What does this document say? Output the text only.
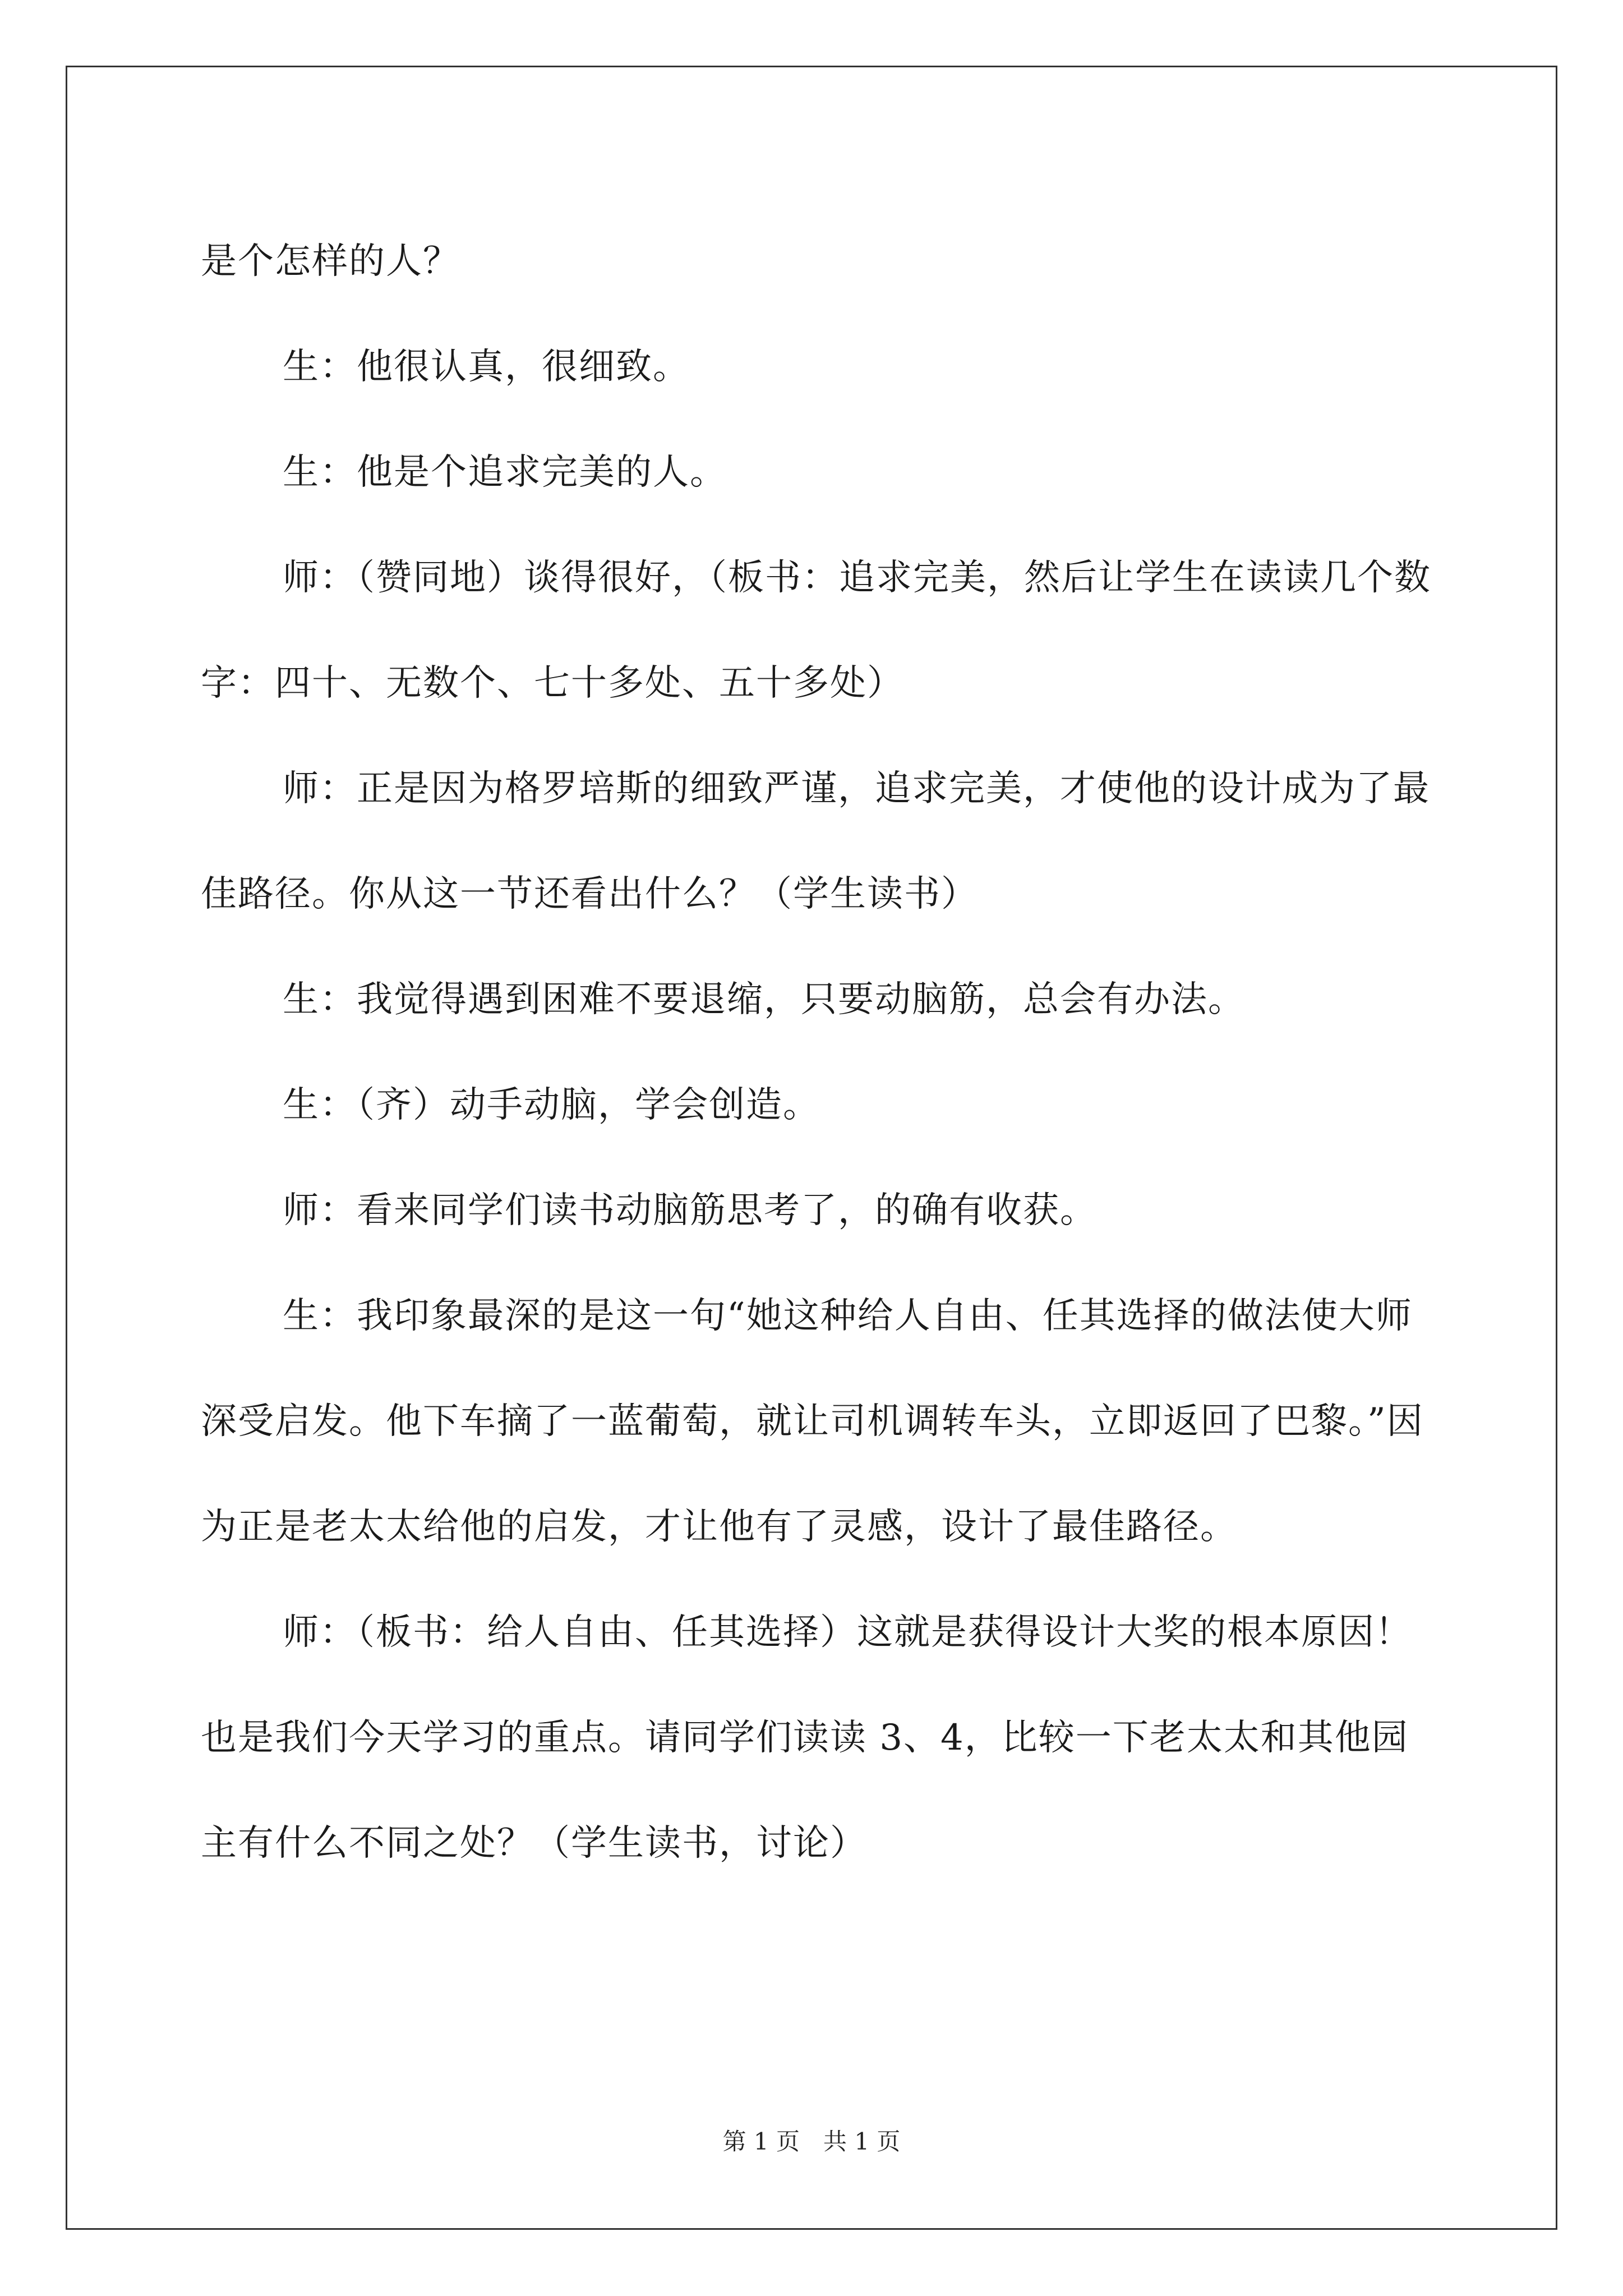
是个怎样的人？

生：他很认真，很细致。

生：他是个追求完美的人。

师：（赞同地）谈得很好，（板书：追求完美，然后让学生在读读几个数字：四十、无数个、七十多处、五十多处）

师：正是因为格罗培斯的细致严谨，追求完美，才使他的设计成为了最佳路径。你从这一节还看出什么？（学生读书）

生：我觉得遇到困难不要退缩，只要动脑筋，总会有办法。

生：（齐）动手动脑，学会创造。

师：看来同学们读书动脑筋思考了，的确有收获。

生：我印象最深的是这一句“她这种给人自由、任其选择的做法使大师深受启发。他下车摘了一蓝葡萄，就让司机调转车头，立即返回了巴黎。”因为正是老太太给他的启发，才让他有了灵感，设计了最佳路径。

师：（板书：给人自由、任其选择）这就是获得设计大奖的根本原因！也是我们今天学习的重点。请同学们读读 3、4，比较一下老太太和其他园主有什么不同之处？（学生读书，讨论）

第 1 页　共 1 页
